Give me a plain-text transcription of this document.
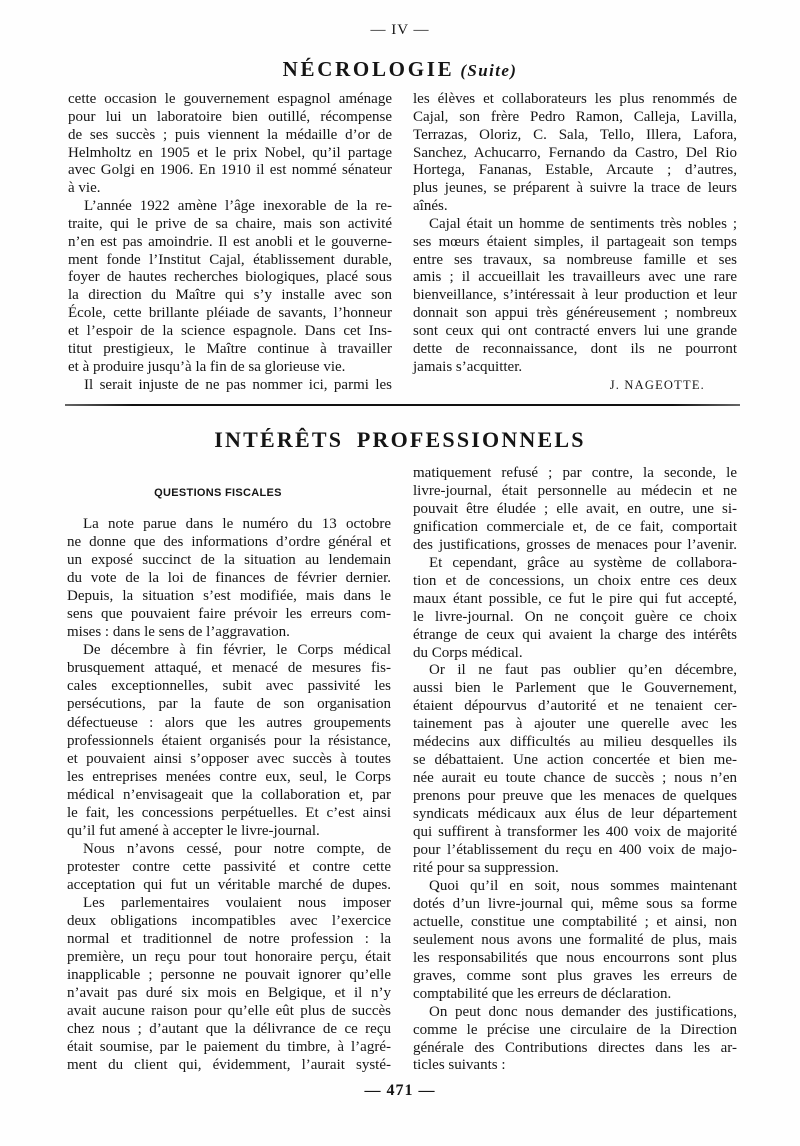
— IV —
NÉCROLOGIE (Suite)
cette occasion le gouvernement espagnol aménage
pour lui un laboratoire bien outillé, récompense
de ses succès ; puis viennent la médaille d’or de
Helmholtz en 1905 et le prix Nobel, qu’il partage
avec Golgi en 1906. En 1910 il est nommé sénateur
à vie.
L’année 1922 amène l’âge inexorable de la re-
traite, qui le prive de sa chaire, mais son activité
n’en est pas amoindrie. Il est anobli et le gouverne-
ment fonde l’Institut Cajal, établissement durable,
foyer de hautes recherches biologiques, placé sous
la direction du Maître qui s’y installe avec son
École, cette brillante pléiade de savants, l’honneur
et l’espoir de la science espagnole. Dans cet Ins-
titut prestigieux, le Maître continue à travailler
et à produire jusqu’à la fin de sa glorieuse vie.
Il serait injuste de ne pas nommer ici, parmi les
les élèves et collaborateurs les plus renommés de
Cajal, son frère Pedro Ramon, Calleja, Lavilla,
Terrazas, Oloriz, C. Sala, Tello, Illera, Lafora,
Sanchez, Achucarro, Fernando da Castro, Del Rio
Hortega, Fananas, Estable, Arcaute ; d’autres,
plus jeunes, se préparent à suivre la trace de leurs
aînés.
Cajal était un homme de sentiments très nobles ;
ses mœurs étaient simples, il partageait son temps
entre ses travaux, sa nombreuse famille et ses
amis ; il accueillait les travailleurs avec une rare
bienveillance, s’intéressait à leur production et leur
donnait son appui très généreusement ; nombreux
sont ceux qui ont contracté envers lui une grande
dette de reconnaissance, dont ils ne pourront
jamais s’acquitter.
J. NAGEOTTE.
INTÉRÊTS PROFESSIONNELS
QUESTIONS FISCALES
La note parue dans le numéro du 13 octobre
ne donne que des informations d’ordre général et
un exposé succinct de la situation au lendemain
du vote de la loi de finances de février dernier.
Depuis, la situation s’est modifiée, mais dans le
sens que pouvaient faire prévoir les erreurs com-
mises : dans le sens de l’aggravation.
De décembre à fin février, le Corps médical
brusquement attaqué, et menacé de mesures fis-
cales exceptionnelles, subit avec passivité les
persécutions, par la faute de son organisation
défectueuse : alors que les autres groupements
professionnels étaient organisés pour la résistance,
et pouvaient ainsi s’opposer avec succès à toutes
les entreprises menées contre eux, seul, le Corps
médical n’envisageait que la collaboration et, par
le fait, les concessions perpétuelles. Et c’est ainsi
qu’il fut amené à accepter le livre-journal.
Nous n’avons cessé, pour notre compte, de
protester contre cette passivité et contre cette
acceptation qui fut un véritable marché de dupes.
Les parlementaires voulaient nous imposer
deux obligations incompatibles avec l’exercice
normal et traditionnel de notre profession : la
première, un reçu pour tout honoraire perçu, était
inapplicable ; personne ne pouvait ignorer qu’elle
n’avait pas duré six mois en Belgique, et il n’y
avait aucune raison pour qu’elle eût plus de succès
chez nous ; d’autant que la délivrance de ce reçu
était soumise, par le paiement du timbre, à l’agré-
ment du client qui, évidemment, l’aurait systé-
matiquement refusé ; par contre, la seconde, le
livre-journal, était personnelle au médecin et ne
pouvait être éludée ; elle avait, en outre, une si-
gnification commerciale et, de ce fait, comportait
des justifications, grosses de menaces pour l’avenir.
Et cependant, grâce au système de collabora-
tion et de concessions, un choix entre ces deux
maux étant possible, ce fut le pire qui fut accepté,
le livre-journal. On ne conçoit guère ce choix
étrange de ceux qui avaient la charge des intérêts
du Corps médical.
Or il ne faut pas oublier qu’en décembre,
aussi bien le Parlement que le Gouvernement,
étaient dépourvus d’autorité et ne tenaient cer-
tainement pas à ajouter une querelle avec les
médecins aux difficultés au milieu desquelles ils
se débattaient. Une action concertée et bien me-
née aurait eu toute chance de succès ; nous n’en
prenons pour preuve que les menaces de quelques
syndicats médicaux aux élus de leur département
qui suffirent à transformer les 400 voix de majorité
pour l’établissement du reçu en 400 voix de majo-
rité pour sa suppression.
Quoi qu’il en soit, nous sommes maintenant
dotés d’un livre-journal qui, même sous sa forme
actuelle, constitue une comptabilité ; et ainsi, non
seulement nous avons une formalité de plus, mais
les responsabilités que nous encourrons sont plus
graves, comme sont plus graves les erreurs de
comptabilité que les erreurs de déclaration.
On peut donc nous demander des justifications,
comme le précise une circulaire de la Direction
générale des Contributions directes dans les ar-
ticles suivants :
— 471 —
